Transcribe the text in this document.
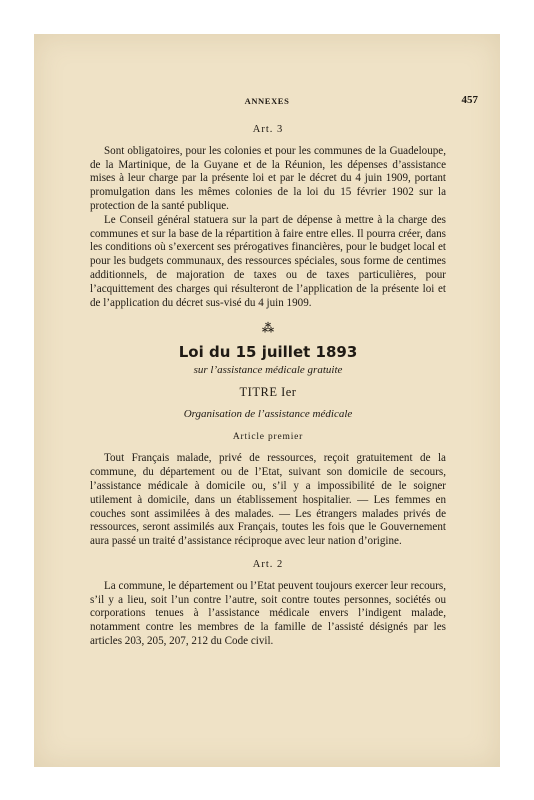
ANNEXES	457
Art. 3

Sont obligatoires, pour les colonies et pour les communes de la Guadeloupe, de la Martinique, de la Guyane et de la Réunion, les dépenses d’assistance mises à leur charge par la présente loi et par le décret du 4 juin 1909, portant promulgation dans les mêmes colonies de la loi du 15 février 1902 sur la protection de la santé publique.

Le Conseil général statuera sur la part de dépense à mettre à la charge des communes et sur la base de la répartition à faire entre elles. Il pourra créer, dans les conditions où s’exercent ses prérogatives financières, pour le budget local et pour les budgets communaux, des ressources spéciales, sous forme de centimes additionnels, de majoration de taxes ou de taxes particulières, pour l’acquittement des charges qui résulteront de l’application de la présente loi et de l’application du décret sus-visé du 4 juin 1909.

⁂
Loi du 15 juillet 1893
sur l’assistance médicale gratuite
TITRE Ier
Organisation de l’assistance médicale
Article premier

Tout Français malade, privé de ressources, reçoit gratuitement de la commune, du département ou de l’Etat, suivant son domicile de secours, l’assistance médicale à domicile ou, s’il y a impossibilité de le soigner utilement à domicile, dans un établissement hospitalier. — Les femmes en couches sont assimilées à des malades. — Les étrangers malades privés de ressources, seront assimilés aux Français, toutes les fois que le Gouvernement aura passé un traité d’assistance réciproque avec leur nation d’origine.

Art. 2

La commune, le département ou l’Etat peuvent toujours exercer leur recours, s’il y a lieu, soit l’un contre l’autre, soit contre toutes personnes, sociétés ou corporations tenues à l’assistance médicale envers l’indigent malade, notamment contre les membres de la famille de l’assisté désignés par les articles 203, 205, 207, 212 du Code civil.
